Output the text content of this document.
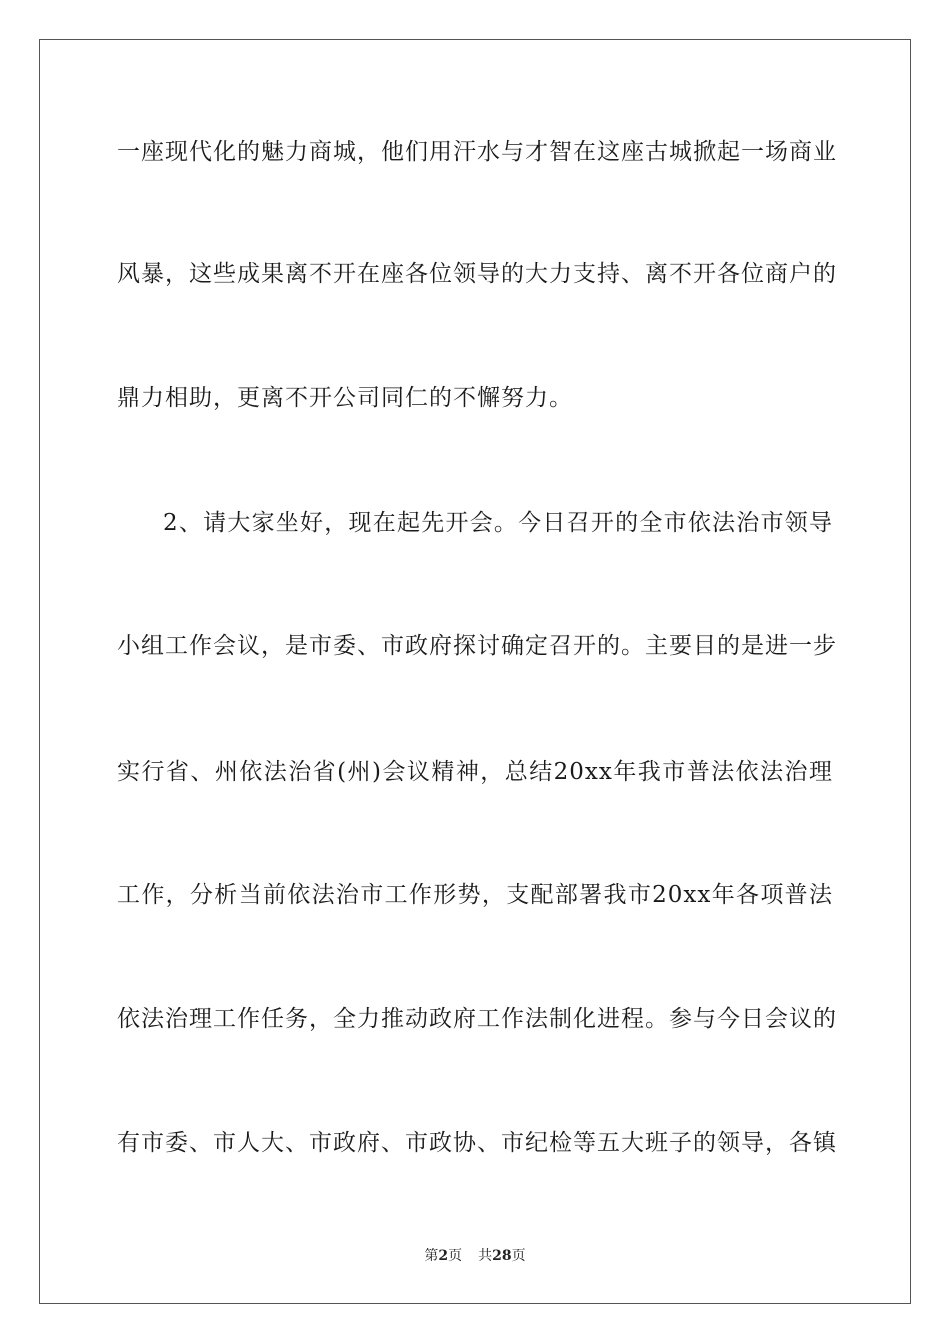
一座现代化的魅力商城，他们用汗水与才智在这座古城掀起一场商业
风暴，这些成果离不开在座各位领导的大力支持、离不开各位商户的
鼎力相助，更离不开公司同仁的不懈努力。
2、请大家坐好，现在起先开会。今日召开的全市依法治市领导
小组工作会议，是市委、市政府探讨确定召开的。主要目的是进一步
实行省、州依法治省(州)会议精神，总结20xx年我市普法依法治理
工作，分析当前依法治市工作形势，支配部署我市20xx年各项普法
依法治理工作任务，全力推动政府工作法制化进程。参与今日会议的
有市委、市人大、市政府、市政协、市纪检等五大班子的领导，各镇
第2页 共28页
